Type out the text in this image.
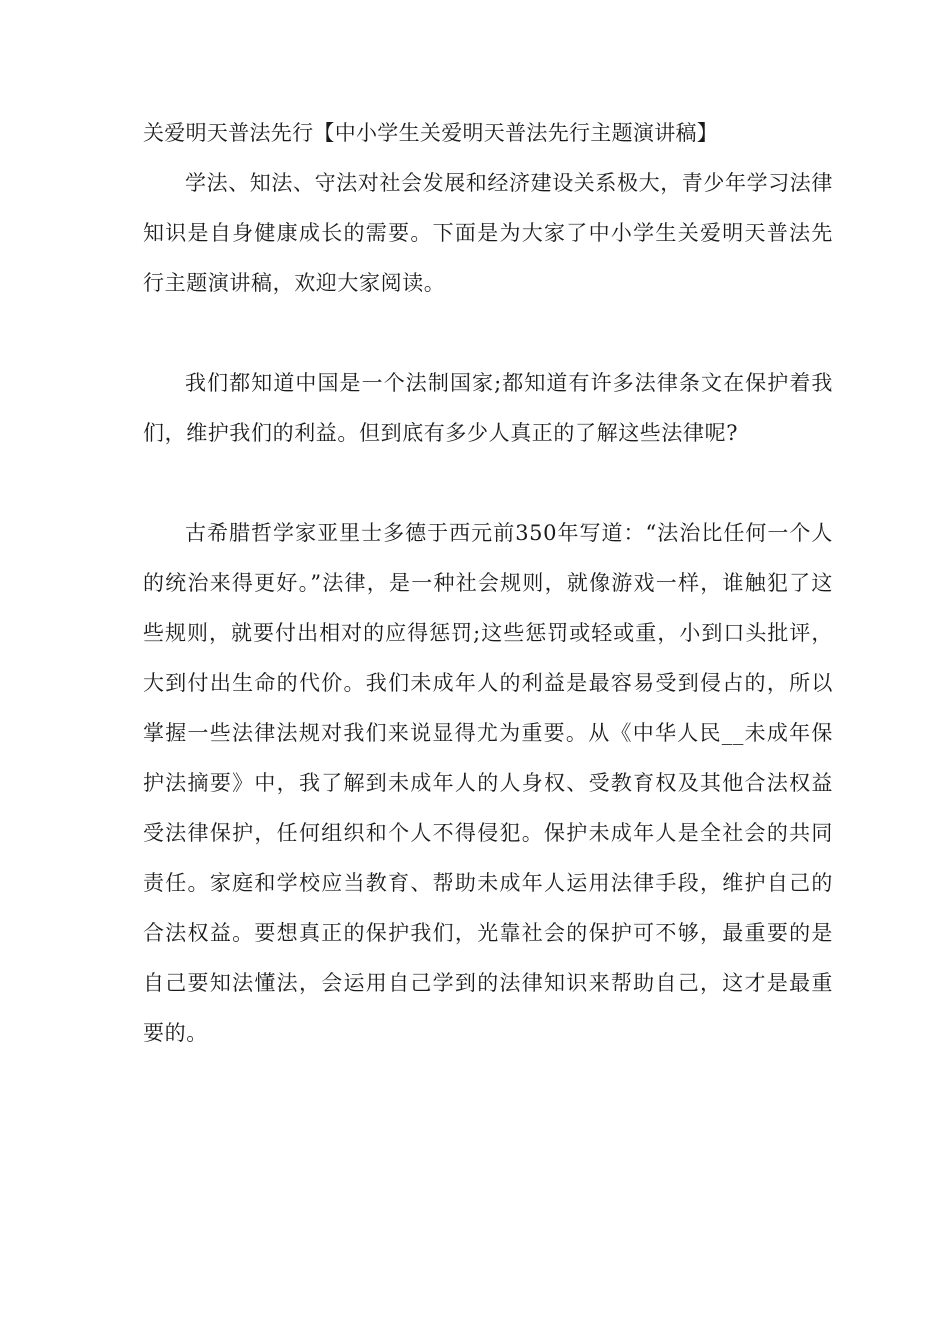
关爱明天普法先行【中小学生关爱明天普法先行主题演讲稿】

学法、知法、守法对社会发展和经济建设关系极大，青少年学习法律知识是自身健康成长的需要。下面是为大家了中小学生关爱明天普法先行主题演讲稿，欢迎大家阅读。

我们都知道中国是一个法制国家;都知道有许多法律条文在保护着我们，维护我们的利益。但到底有多少人真正的了解这些法律呢?

古希腊哲学家亚里士多德于西元前350年写道：“法治比任何一个人的统治来得更好。”法律，是一种社会规则，就像游戏一样，谁触犯了这些规则，就要付出相对的应得惩罚;这些惩罚或轻或重，小到口头批评，大到付出生命的代价。我们未成年人的利益是最容易受到侵占的，所以掌握一些法律法规对我们来说显得尤为重要。从《中华人民__未成年保护法摘要》中，我了解到未成年人的人身权、受教育权及其他合法权益受法律保护，任何组织和个人不得侵犯。保护未成年人是全社会的共同责任。家庭和学校应当教育、帮助未成年人运用法律手段，维护自己的合法权益。要想真正的保护我们，光靠社会的保护可不够，最重要的是自己要知法懂法，会运用自己学到的法律知识来帮助自己，这才是最重要的。
